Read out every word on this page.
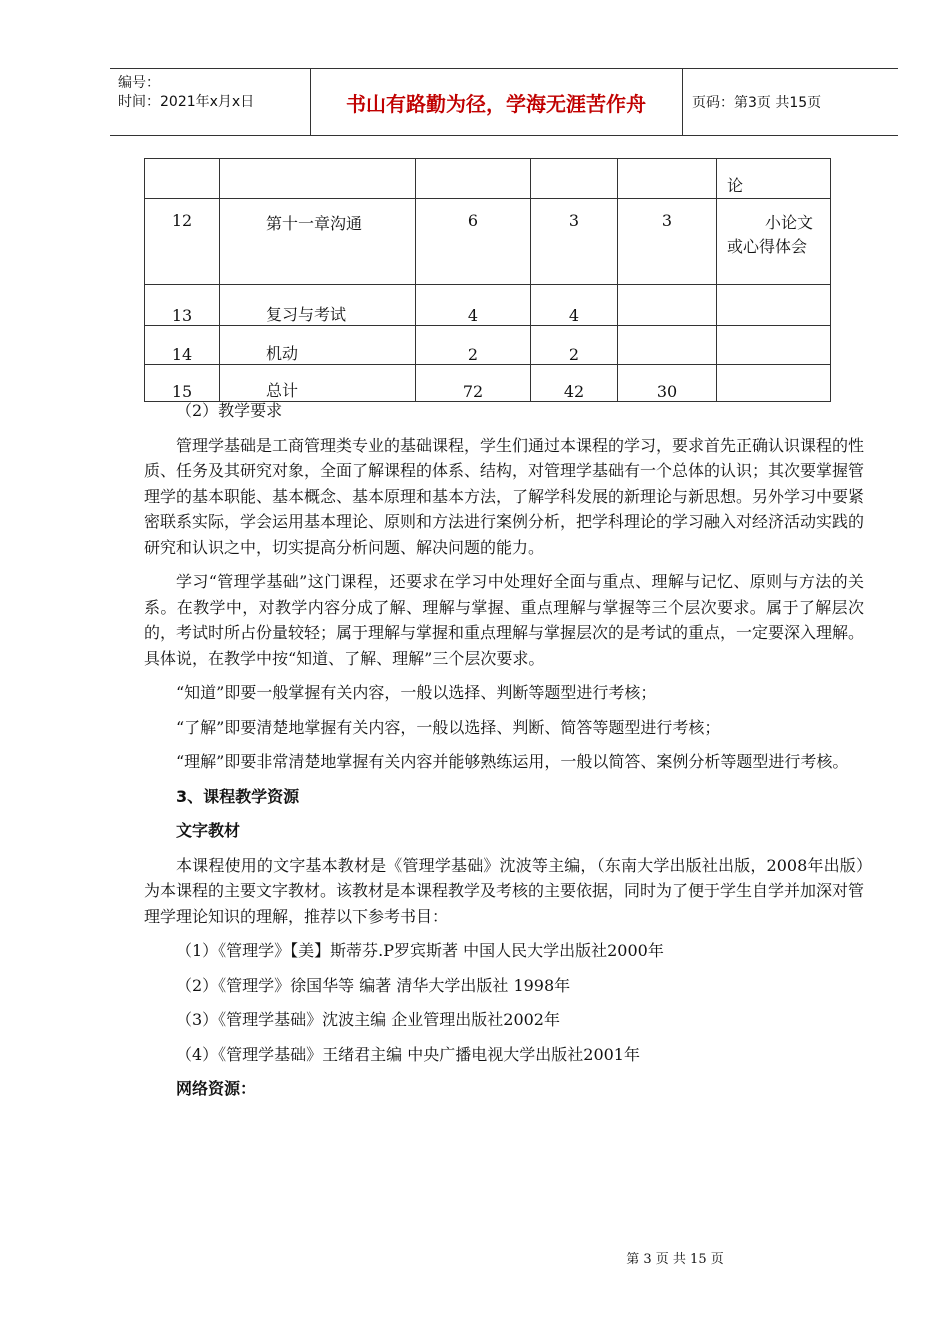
编号：
时间：2021年x月x日	书山有路勤为径，学海无涯苦作舟	页码：第3页 共15页

					论

12	第十一章沟通	6	3	3	小论文
或心得体会

13	复习与考试	4	4		
14	机动	2	2		
15	总计	72	42	30	

（2）教学要求

管理学基础是工商管理类专业的基础课程，学生们通过本课程的学习，要求首先正确认识课程的性质、任务及其研究对象，全面了解课程的体系、结构，对管理学基础有一个总体的认识；其次要掌握管理学的基本职能、基本概念、基本原理和基本方法，了解学科发展的新理论与新思想。另外学习中要紧密联系实际，学会运用基本理论、原则和方法进行案例分析，把学科理论的学习融入对经济活动实践的研究和认识之中，切实提高分析问题、解决问题的能力。

学习“管理学基础”这门课程，还要求在学习中处理好全面与重点、理解与记忆、原则与方法的关系。在教学中，对教学内容分成了解、理解与掌握、重点理解与掌握等三个层次要求。属于了解层次的，考试时所占份量较轻；属于理解与掌握和重点理解与掌握层次的是考试的重点，一定要深入理解。具体说，在教学中按“知道、了解、理解”三个层次要求。

“知道”即要一般掌握有关内容，一般以选择、判断等题型进行考核；

“了解”即要清楚地掌握有关内容，一般以选择、判断、简答等题型进行考核；

“理解”即要非常清楚地掌握有关内容并能够熟练运用，一般以简答、案例分析等题型进行考核。

3、课程教学资源

文字教材

本课程使用的文字基本教材是《管理学基础》沈波等主编，（东南大学出版社出版，2008年出版）为本课程的主要文字教材。该教材是本课程教学及考核的主要依据，同时为了便于学生自学并加深对管理学理论知识的理解，推荐以下参考书目：

（1）《管理学》【美】斯蒂芬.P罗宾斯著 中国人民大学出版社2000年

（2）《管理学》徐国华等 编著 清华大学出版社 1998年

（3）《管理学基础》沈波主编 企业管理出版社2002年

（4）《管理学基础》王绪君主编 中央广播电视大学出版社2001年

网络资源：

第 3 页 共 15 页
